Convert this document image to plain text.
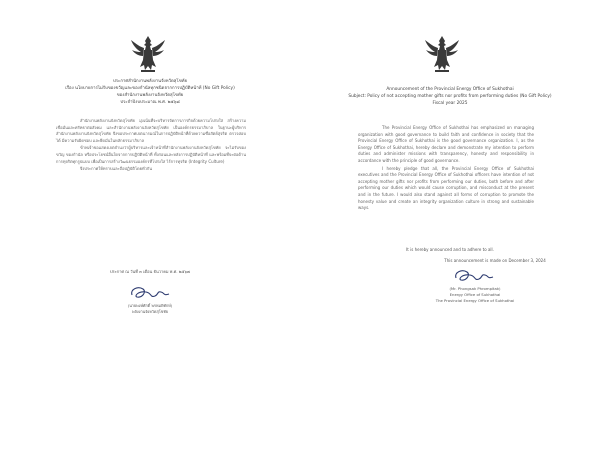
ประกาศสำนักงานพลังงานจังหวัดสุโขทัย
เรื่อง นโยบายการไม่รับของขวัญและของกำนัลทุกชนิดจากการปฏิบัติหน้าที่ (No Gift Policy)
ของสำนักงานพลังงานจังหวัดสุโขทัย
ประจำปีงบประมาณ พ.ศ. ๒๕๖๘

สำนักงานพลังงานจังหวัดสุโขทัย มุ่งเน้นที่จะบริหารจัดการภารกิจด้วยความโปร่งใส สร้างความเชื่อมั่นและศรัทธาต่อสังคม และสำนักงานพลังงานจังหวัดสุโขทัย เป็นองค์กรธรรมาภิบาล ในฐานะผู้บริหารสำนักงานพลังงานจังหวัดสุโขทัย จึงขอประกาศเจตนารมณ์ในการปฏิบัติหน้าที่ด้วยความซื่อสัตย์สุจริต ตรวจสอบได้ มีความรับผิดชอบ และยึดมั่นในหลักธรรมาภิบาล

ข้าพเจ้าขอแสดงเจตจำนงว่าผู้บริหารและเจ้าหน้าที่สำนักงานพลังงานจังหวัดสุโขทัย จะไม่รับของขวัญ ของกำนัล หรือประโยชน์อื่นใดจากการปฏิบัติหน้าที่ ทั้งก่อนและหลังการปฏิบัติหน้าที่ และพร้อมที่จะต่อต้านการทุจริตทุกรูปแบบ เพื่อเป็นการสร้างวัฒนธรรมองค์กรที่โปร่งใส ไร้การทุจริต (Integrity Culture)

จึงประกาศให้ทราบและถือปฏิบัติโดยทั่วกัน

ประกาศ ณ วันที่ ๓ เดือน ธันวาคม พ.ศ. ๒๕๖๗
(นายพงษ์ศักดิ์ พรหมพิทักษ์)
พลังงานจังหวัดสุโขทัย
Announcement of the Provincial Energy Office of Sukhothai
Subject: Policy of not accepting mother gifts nor profits from performing duties (No Gift Policy)
Fiscal year 2025

The Provincial Energy Office of Sukhothai has emphasized on managing organization with good governance to build faith and confidence in society that the Provincial Energy Office of Sukhothai is the good governance organization. I, as the Energy Office of Sukhothai, hereby declare and demonstrate my intention to perform duties and administer missions with transparency, honesty and responsibility in accordance with the principle of good governance.

I hereby pledge that all, the Provincial Energy Office of Sukhothai executives and the Provincial Energy Office of Sukhothai officers have intention of not accepting mother gifts nor profits from performing our duties, both before and after performing our duties which would cause corruption, and misconduct at the present and in the future. I would also stand against all forms of corruption to promote the honesty value and create an integrity organization culture in strong and sustainable ways.

It is hereby announced and to adhere to all.
This announcement is made on December 3, 2024
(Mr. Phongsak Phrompitak)
Energy Office of Sukhothai
The Provincial Energy Office of Sukhothai
